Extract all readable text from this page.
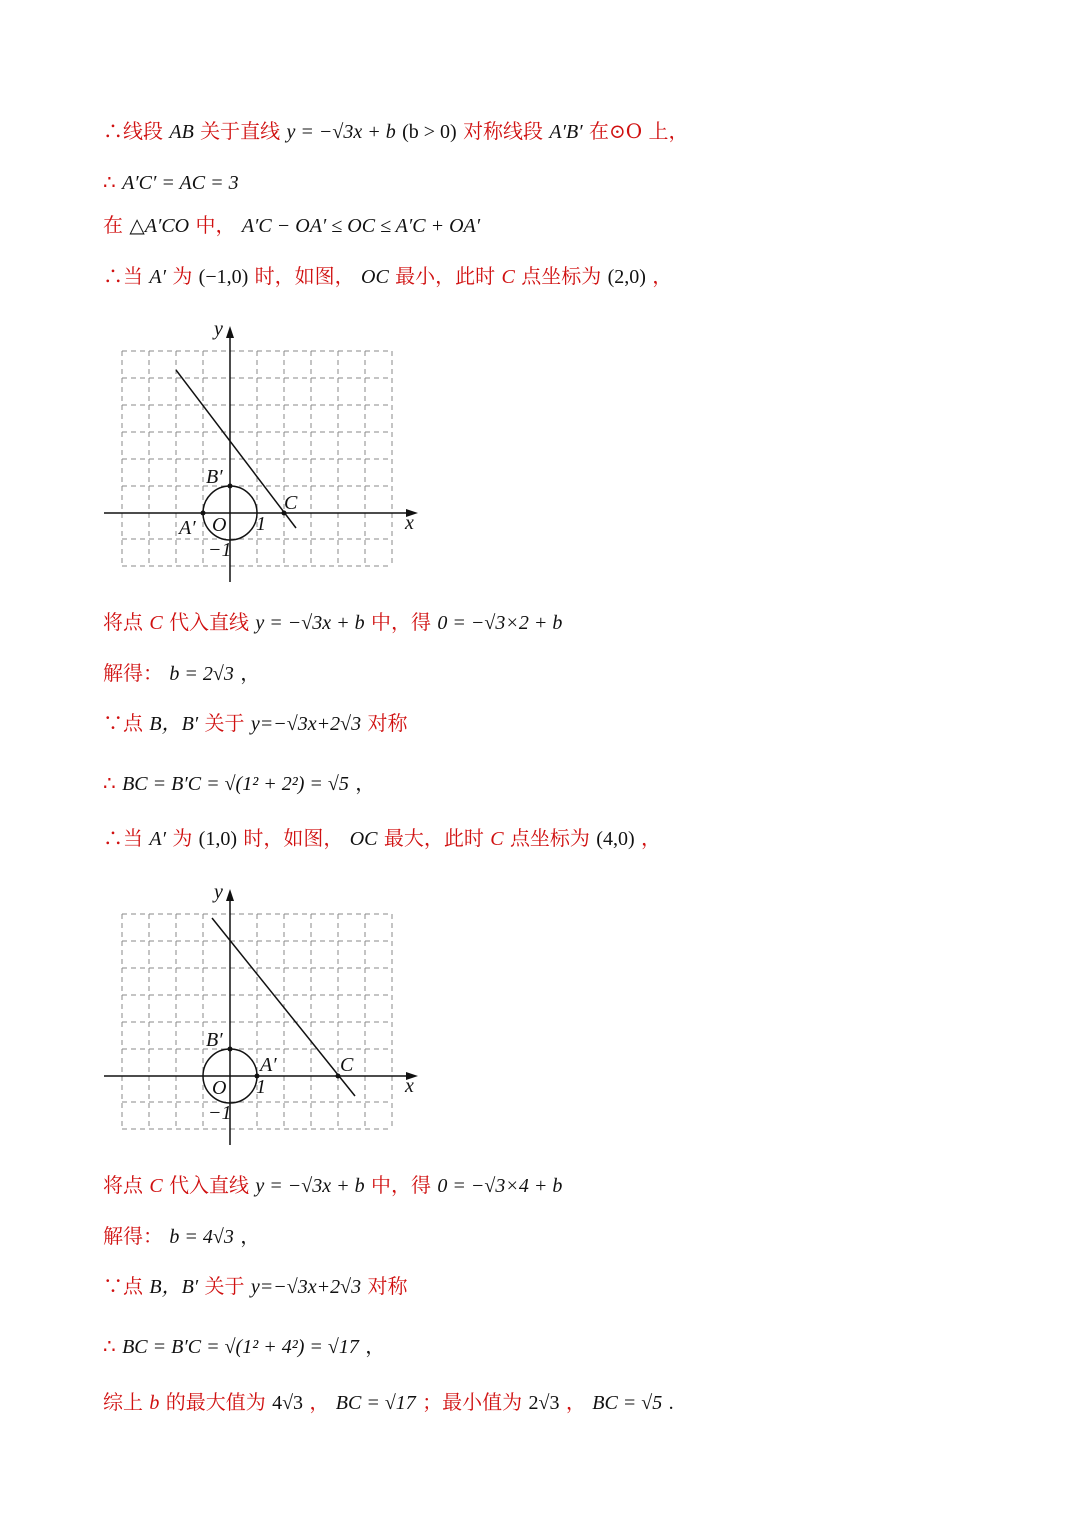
∴线段 AB 关于直线 y = −√3x + b (b > 0) 对称线段 A′B′ 在⊙O 上，
∴ A′C′ = AC = 3
在 △A′CO 中， A′C − OA′ ≤ OC ≤ A′C + OA′
∴当 A′ 为 (−1,0) 时，如图， OC 最小，此时 C 点坐标为 (2,0) ，
y
x
B′
A′ O 1
−1
C
将点 C 代入直线 y = −√3x + b 中，得 0 = −√3×2 + b
解得： b = 2√3 ，
∵点 B，B′ 关于 y=−√3x+2√3 对称
∴ BC = B′C = √(1² + 2²) = √5 ，
∴当 A′ 为 (1,0) 时，如图， OC 最大，此时 C 点坐标为 (4,0) ，
y
x
B′
A′
O 1
−1
C
将点 C 代入直线 y = −√3x + b 中，得 0 = −√3×4 + b
解得： b = 4√3 ，
∵点 B，B′ 关于 y=−√3x+2√3 对称
∴ BC = B′C = √(1² + 4²) = √17 ，
综上 b 的最大值为 4√3 ， BC = √17 ；最小值为 2√3 ， BC = √5 .
